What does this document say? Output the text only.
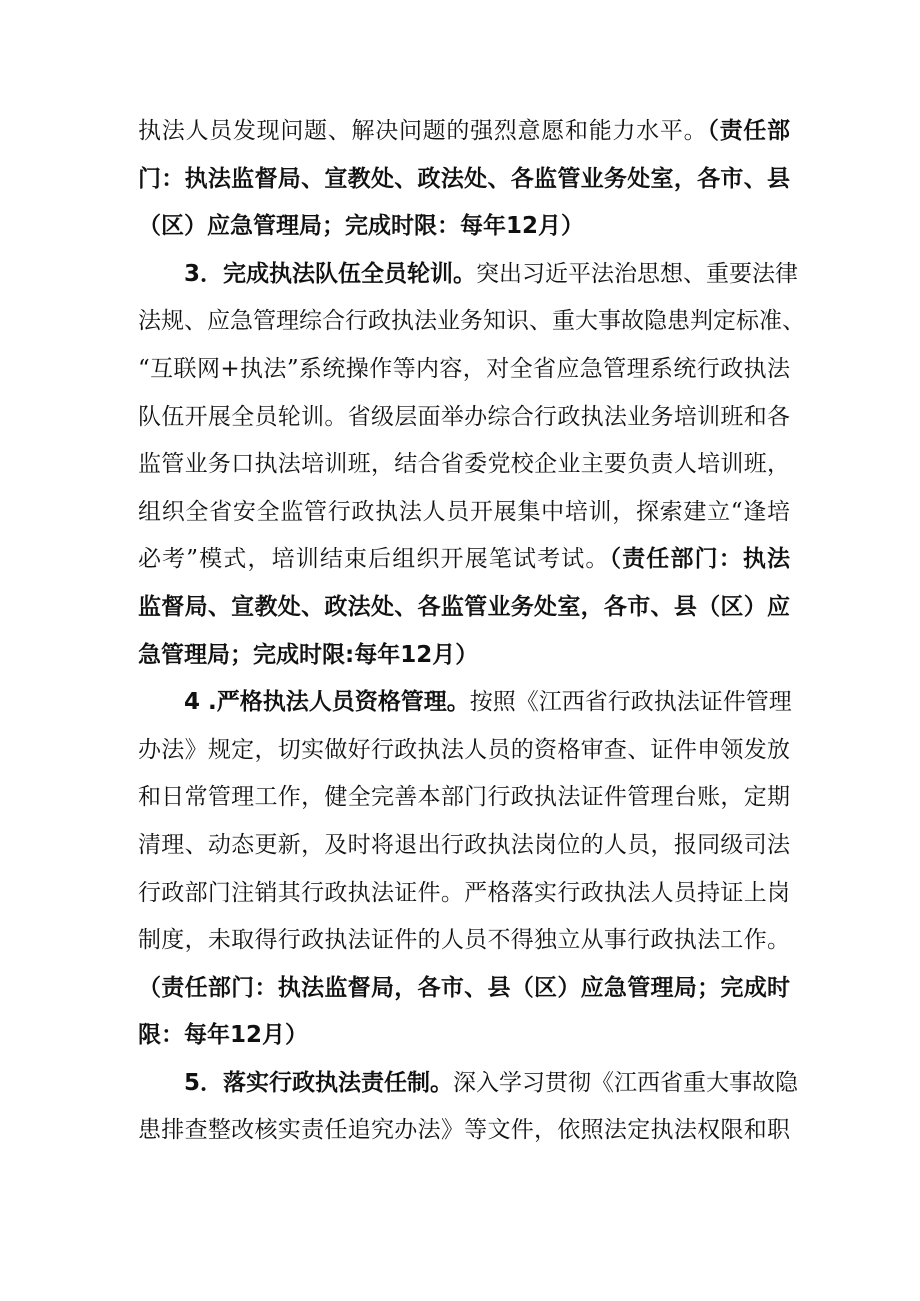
执法人员发现问题、解决问题的强烈意愿和能力水平。（责任部
门：执法监督局、宣教处、政法处、各监管业务处室，各市、县
（区）应急管理局；完成时限：每年12月）
3．完成执法队伍全员轮训。突出习近平法治思想、重要法律
法规、应急管理综合行政执法业务知识、重大事故隐患判定标准、
“互联网+执法”系统操作等内容，对全省应急管理系统行政执法
队伍开展全员轮训。省级层面举办综合行政执法业务培训班和各
监管业务口执法培训班，结合省委党校企业主要负责人培训班，
组织全省安全监管行政执法人员开展集中培训，探索建立“逢培
必考”模式，培训结束后组织开展笔试考试。（责任部门：执法
监督局、宣教处、政法处、各监管业务处室，各市、县（区）应
急管理局；完成时限:每年12月）
4 .严格执法人员资格管理。按照《江西省行政执法证件管理
办法》规定，切实做好行政执法人员的资格审查、证件申领发放
和日常管理工作，健全完善本部门行政执法证件管理台账，定期
清理、动态更新，及时将退出行政执法岗位的人员，报同级司法
行政部门注销其行政执法证件。严格落实行政执法人员持证上岗
制度，未取得行政执法证件的人员不得独立从事行政执法工作。
（责任部门：执法监督局，各市、县（区）应急管理局；完成时
限：每年12月）
5．落实行政执法责任制。深入学习贯彻《江西省重大事故隐
患排查整改核实责任追究办法》等文件，依照法定执法权限和职
